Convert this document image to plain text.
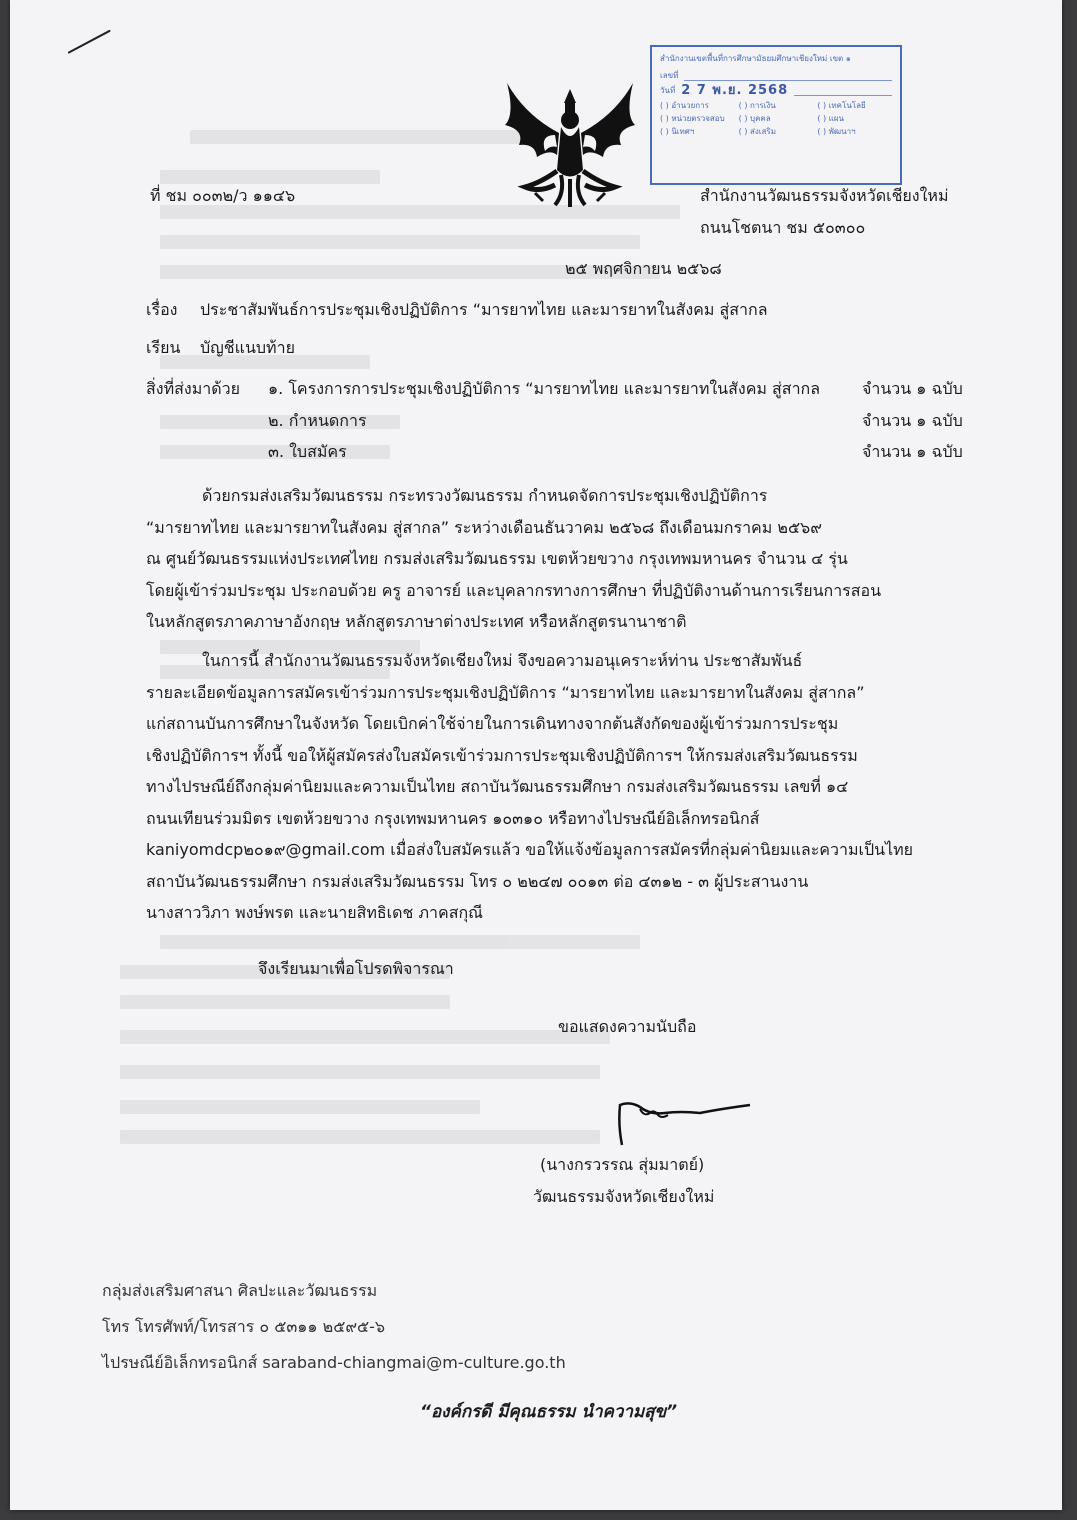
สำนักงานเขตพื้นที่การศึกษามัธยมศึกษาเชียงใหม่ เขต ๑
เลขที่
วันที่ 2 7 พ.ย. 2568
( ) อำนวยการ	( ) การเงิน	( ) เทคโนโลยี
( ) หน่วยตรวจสอบ	( ) บุคคล	( ) แผน
( ) นิเทศฯ	( ) ส่งเสริม	( ) พัฒนาฯ
ที่ ชม ๐๐๓๒/ว ๑๑๔๖	สำนักงานวัฒนธรรมจังหวัดเชียงใหม่
ถนนโชตนา ชม ๕๐๓๐๐
๒๕ พฤศจิกายน ๒๕๖๘
เรื่อง ประชาสัมพันธ์การประชุมเชิงปฏิบัติการ “มารยาทไทย และมารยาทในสังคม สู่สากล
เรียน บัญชีแนบท้าย
สิ่งที่ส่งมาด้วย ๑. โครงการการประชุมเชิงปฏิบัติการ “มารยาทไทย และมารยาทในสังคม สู่สากล	จำนวน ๑ ฉบับ
๒. กำหนดการ	จำนวน ๑ ฉบับ
๓. ใบสมัคร	จำนวน ๑ ฉบับ
ด้วยกรมส่งเสริมวัฒนธรรม กระทรวงวัฒนธรรม กำหนดจัดการประชุมเชิงปฏิบัติการ
“มารยาทไทย และมารยาทในสังคม สู่สากล” ระหว่างเดือนธันวาคม ๒๕๖๘ ถึงเดือนมกราคม ๒๕๖๙
ณ ศูนย์วัฒนธรรมแห่งประเทศไทย กรมส่งเสริมวัฒนธรรม เขตห้วยขวาง กรุงเทพมหานคร จำนวน ๔ รุ่น
โดยผู้เข้าร่วมประชุม ประกอบด้วย ครู อาจารย์ และบุคลากรทางการศึกษา ที่ปฏิบัติงานด้านการเรียนการสอน
ในหลักสูตรภาคภาษาอังกฤษ หลักสูตรภาษาต่างประเทศ หรือหลักสูตรนานาชาติ
ในการนี้ สำนักงานวัฒนธรรมจังหวัดเชียงใหม่ จึงขอความอนุเคราะห์ท่าน ประชาสัมพันธ์
รายละเอียดข้อมูลการสมัครเข้าร่วมการประชุมเชิงปฏิบัติการ “มารยาทไทย และมารยาทในสังคม สู่สากล”
แก่สถานบันการศึกษาในจังหวัด โดยเบิกค่าใช้จ่ายในการเดินทางจากต้นสังกัดของผู้เข้าร่วมการประชุม
เชิงปฏิบัติการฯ ทั้งนี้ ขอให้ผู้สมัครส่งใบสมัครเข้าร่วมการประชุมเชิงปฏิบัติการฯ ให้กรมส่งเสริมวัฒนธรรม
ทางไปรษณีย์ถึงกลุ่มค่านิยมและความเป็นไทย สถาบันวัฒนธรรมศึกษา กรมส่งเสริมวัฒนธรรม เลขที่ ๑๔
ถนนเทียนร่วมมิตร เขตห้วยขวาง กรุงเทพมหานคร ๑๐๓๑๐ หรือทางไปรษณีย์อิเล็กทรอนิกส์
kaniyomdcp๒๐๑๙@gmail.com เมื่อส่งใบสมัครแล้ว ขอให้แจ้งข้อมูลการสมัครที่กลุ่มค่านิยมและความเป็นไทย
สถาบันวัฒนธรรมศึกษา กรมส่งเสริมวัฒนธรรม โทร ๐ ๒๒๔๗ ๐๐๑๓ ต่อ ๔๓๑๒ - ๓ ผู้ประสานงาน
นางสาววิภา พงษ์พรต และนายสิทธิเดช ภาคสกุณี
จึงเรียนมาเพื่อโปรดพิจารณา
ขอแสดงความนับถือ
(นางกรวรรณ สุ่มมาตย์)
วัฒนธรรมจังหวัดเชียงใหม่
กลุ่มส่งเสริมศาสนา ศิลปะและวัฒนธรรม
โทร โทรศัพท์/โทรสาร ๐ ๕๓๑๑ ๒๕๙๕-๖
ไปรษณีย์อิเล็กทรอนิกส์ saraband-chiangmai@m-culture.go.th
“องค์กรดี มีคุณธรรม นำความสุข”
